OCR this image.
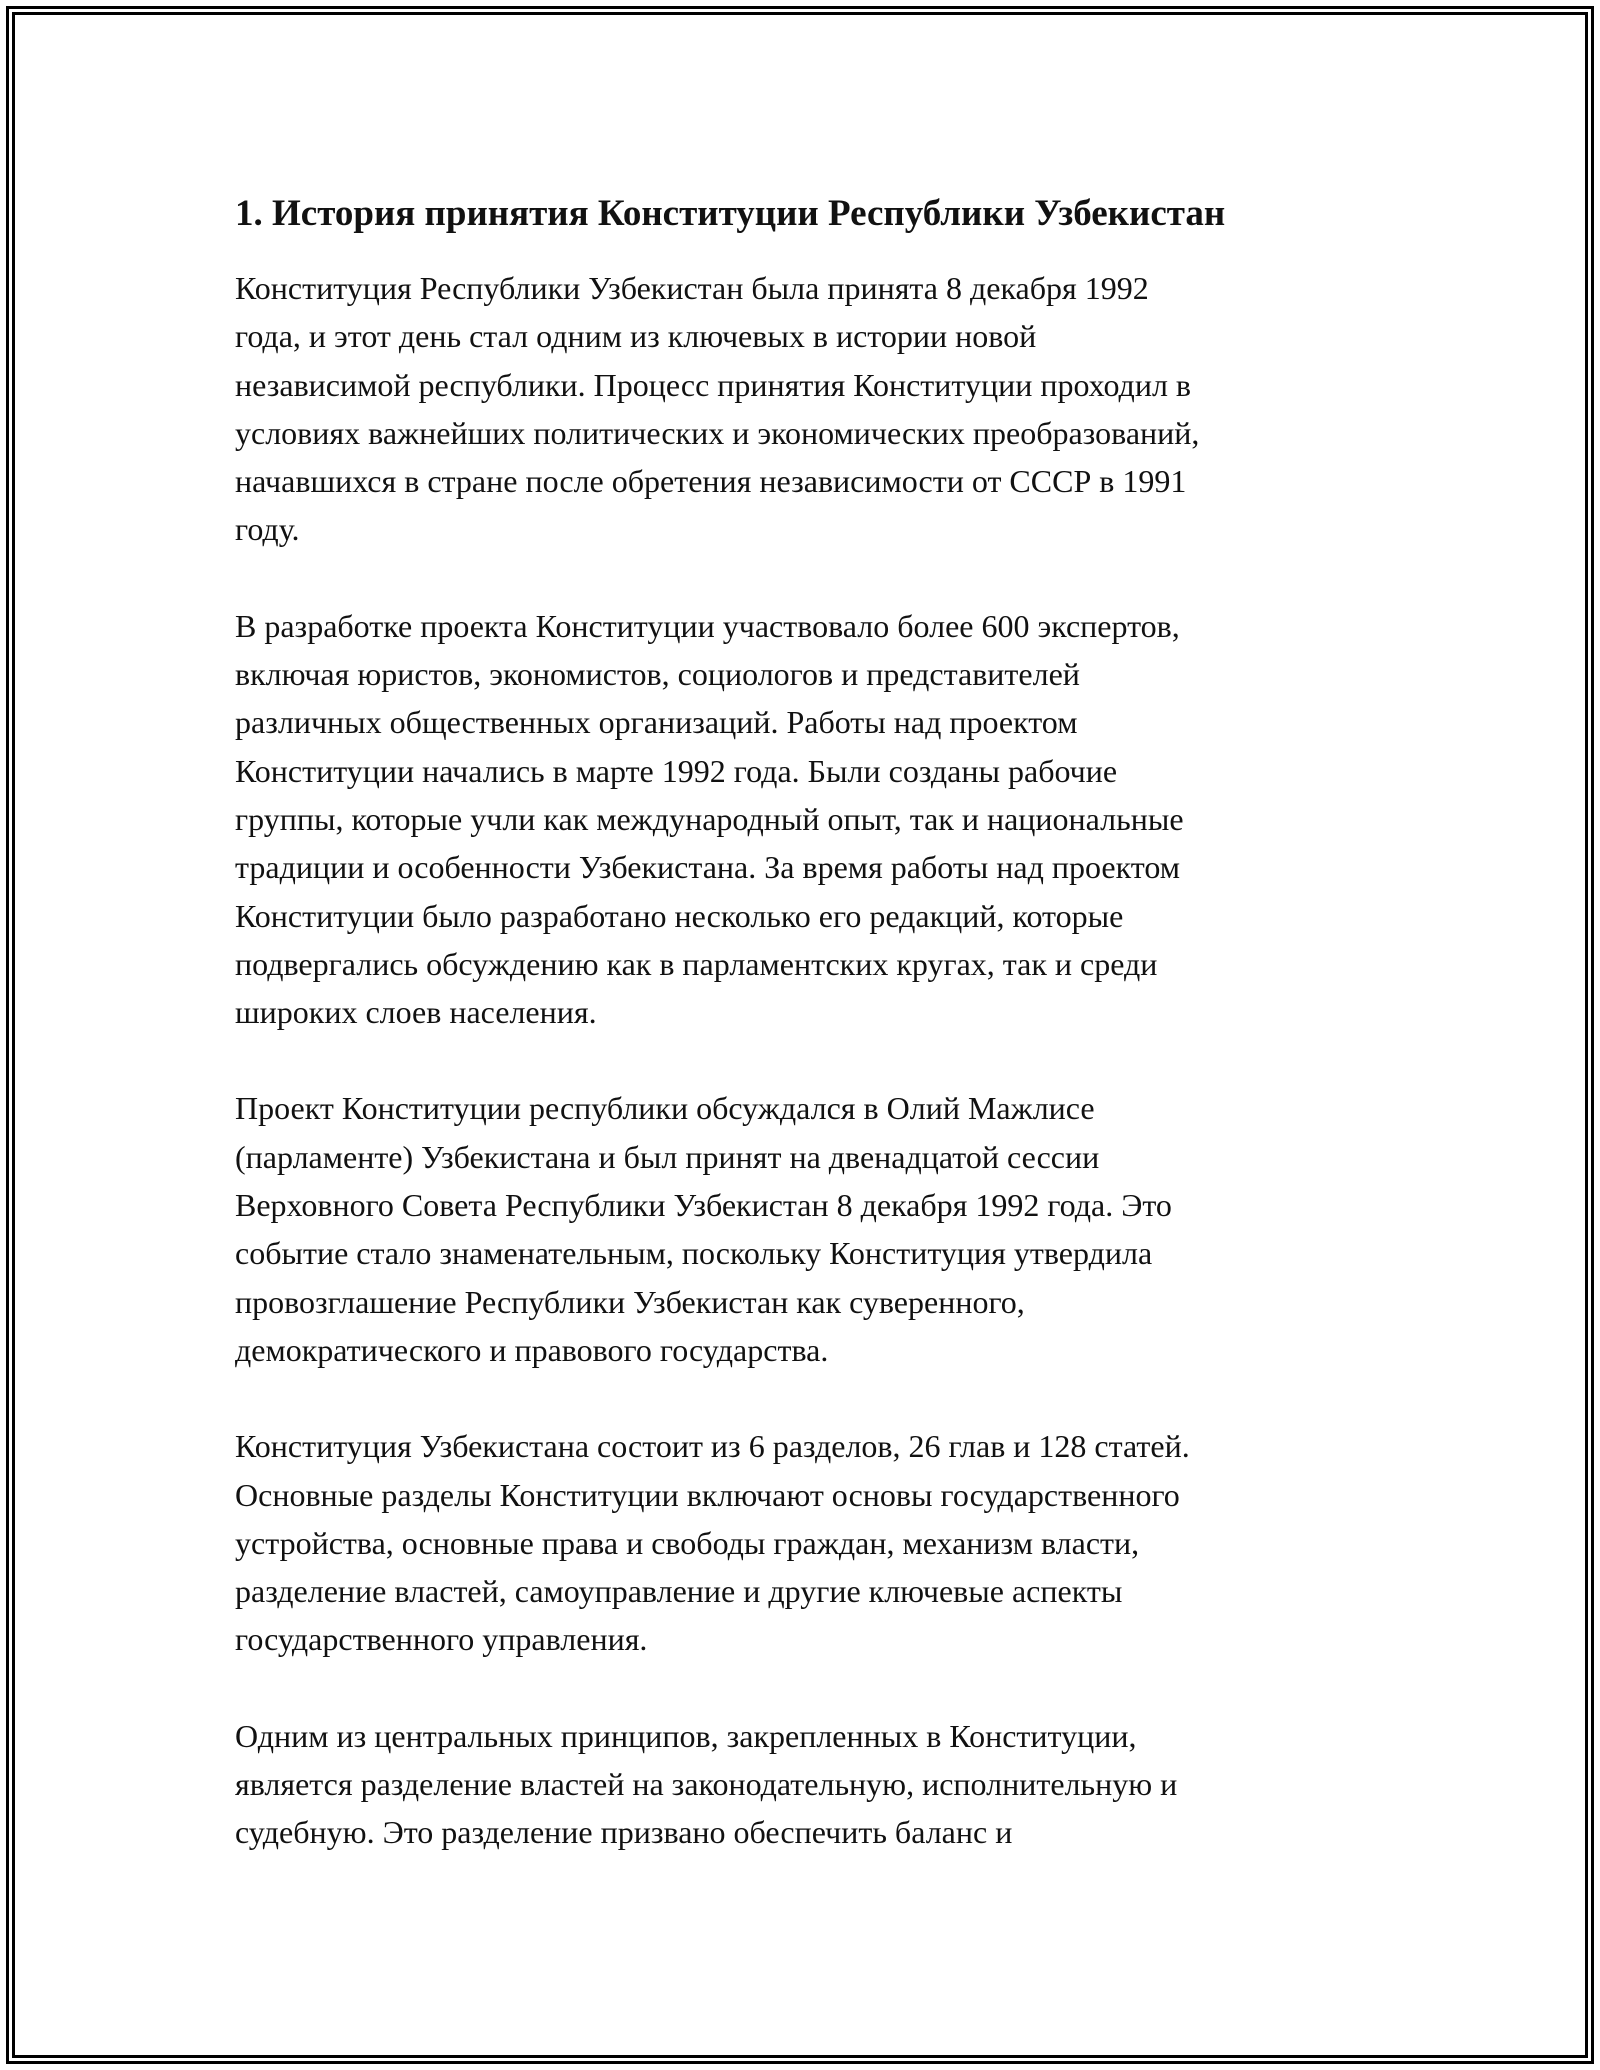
1. История принятия Конституции Республики Узбекистан

Конституция Республики Узбекистан была принята 8 декабря 1992
года, и этот день стал одним из ключевых в истории новой
независимой республики. Процесс принятия Конституции проходил в
условиях важнейших политических и экономических преобразований,
начавшихся в стране после обретения независимости от СССР в 1991
году.

В разработке проекта Конституции участвовало более 600 экспертов,
включая юристов, экономистов, социологов и представителей
различных общественных организаций. Работы над проектом
Конституции начались в марте 1992 года. Были созданы рабочие
группы, которые учли как международный опыт, так и национальные
традиции и особенности Узбекистана. За время работы над проектом
Конституции было разработано несколько его редакций, которые
подвергались обсуждению как в парламентских кругах, так и среди
широких слоев населения.

Проект Конституции республики обсуждался в Олий Мажлисе
(парламенте) Узбекистана и был принят на двенадцатой сессии
Верховного Совета Республики Узбекистан 8 декабря 1992 года. Это
событие стало знаменательным, поскольку Конституция утвердила
провозглашение Республики Узбекистан как суверенного,
демократического и правового государства.

Конституция Узбекистана состоит из 6 разделов, 26 глав и 128 статей.
Основные разделы Конституции включают основы государственного
устройства, основные права и свободы граждан, механизм власти,
разделение властей, самоуправление и другие ключевые аспекты
государственного управления.

Одним из центральных принципов, закрепленных в Конституции,
является разделение властей на законодательную, исполнительную и
судебную. Это разделение призвано обеспечить баланс и
